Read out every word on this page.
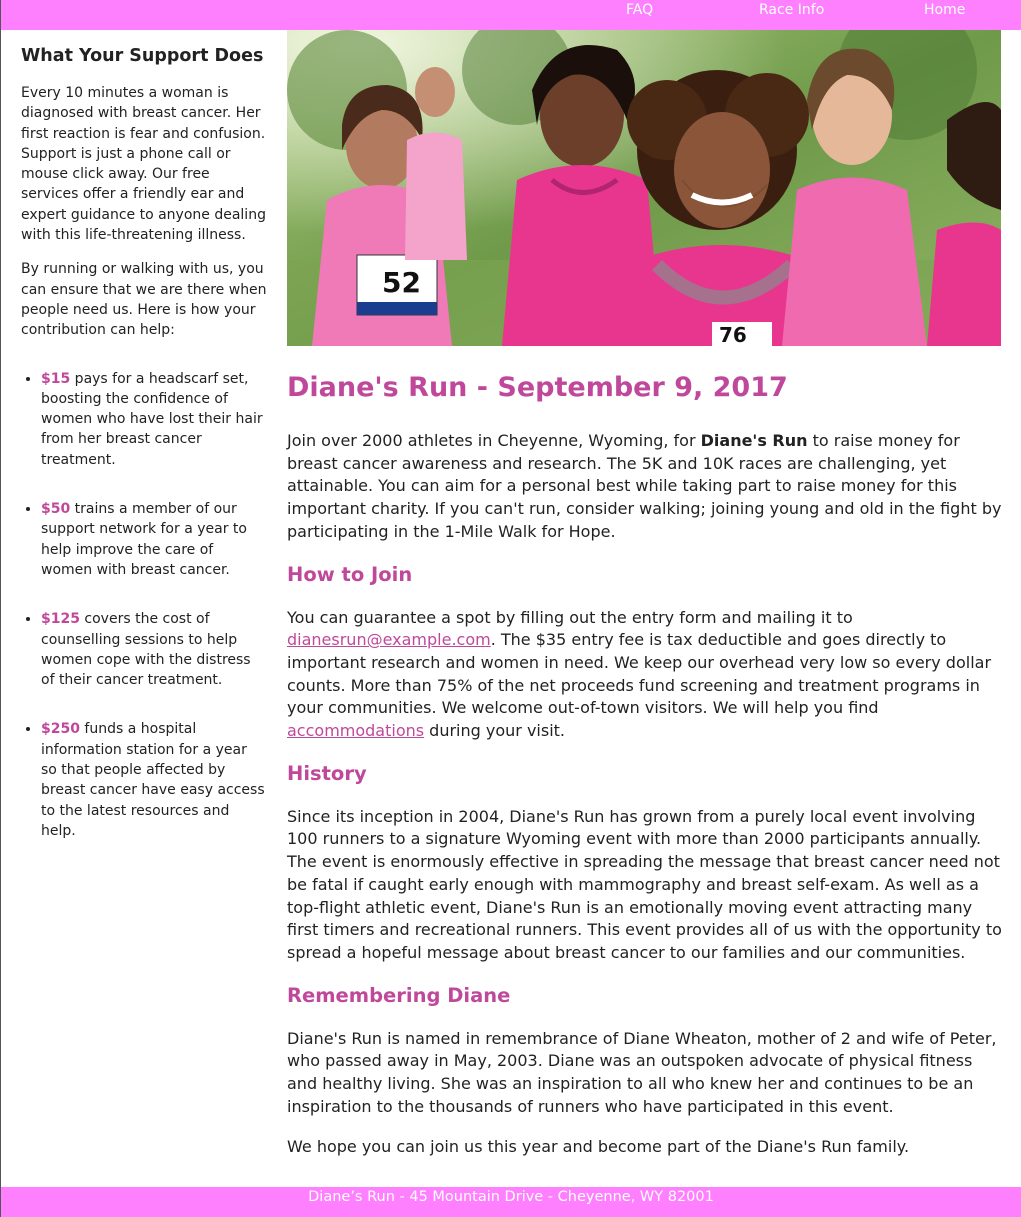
FAQ	Race Info	Home
What Your Support Does

Every 10 minutes a woman is diagnosed with breast cancer. Her first reaction is fear and confusion. Support is just a phone call or mouse click away. Our free services offer a friendly ear and expert guidance to anyone dealing with this life-threatening illness.

By running or walking with us, you can ensure that we are there when people need us. Here is how your contribution can help:

• $15 pays for a headscarf set, boosting the confidence of women who have lost their hair from her breast cancer treatment.
• $50 trains a member of our support network for a year to help improve the care of women with breast cancer.
• $125 covers the cost of counselling sessions to help women cope with the distress of their cancer treatment.
• $250 funds a hospital information station for a year so that people affected by breast cancer have easy access to the latest resources and help.
52
76
Diane's Run - September 9, 2017

Join over 2000 athletes in Cheyenne, Wyoming, for Diane's Run to raise money for breast cancer awareness and research. The 5K and 10K races are challenging, yet attainable. You can aim for a personal best while taking part to raise money for this important charity. If you can't run, consider walking; joining young and old in the fight by participating in the 1-Mile Walk for Hope.

How to Join

You can guarantee a spot by filling out the entry form and mailing it to dianesrun@example.com. The $35 entry fee is tax deductible and goes directly to important research and women in need. We keep our overhead very low so every dollar counts. More than 75% of the net proceeds fund screening and treatment programs in your communities. We welcome out-of-town visitors. We will help you find accommodations during your visit.

History

Since its inception in 2004, Diane's Run has grown from a purely local event involving 100 runners to a signature Wyoming event with more than 2000 participants annually. The event is enormously effective in spreading the message that breast cancer need not be fatal if caught early enough with mammography and breast self-exam. As well as a top-flight athletic event, Diane's Run is an emotionally moving event attracting many first timers and recreational runners. This event provides all of us with the opportunity to spread a hopeful message about breast cancer to our families and our communities.

Remembering Diane

Diane's Run is named in remembrance of Diane Wheaton, mother of 2 and wife of Peter, who passed away in May, 2003. Diane was an outspoken advocate of physical fitness and healthy living. She was an inspiration to all who knew her and continues to be an inspiration to the thousands of runners who have participated in this event.

We hope you can join us this year and become part of the Diane's Run family.

Diane’s Run - 45 Mountain Drive - Cheyenne, WY 82001
